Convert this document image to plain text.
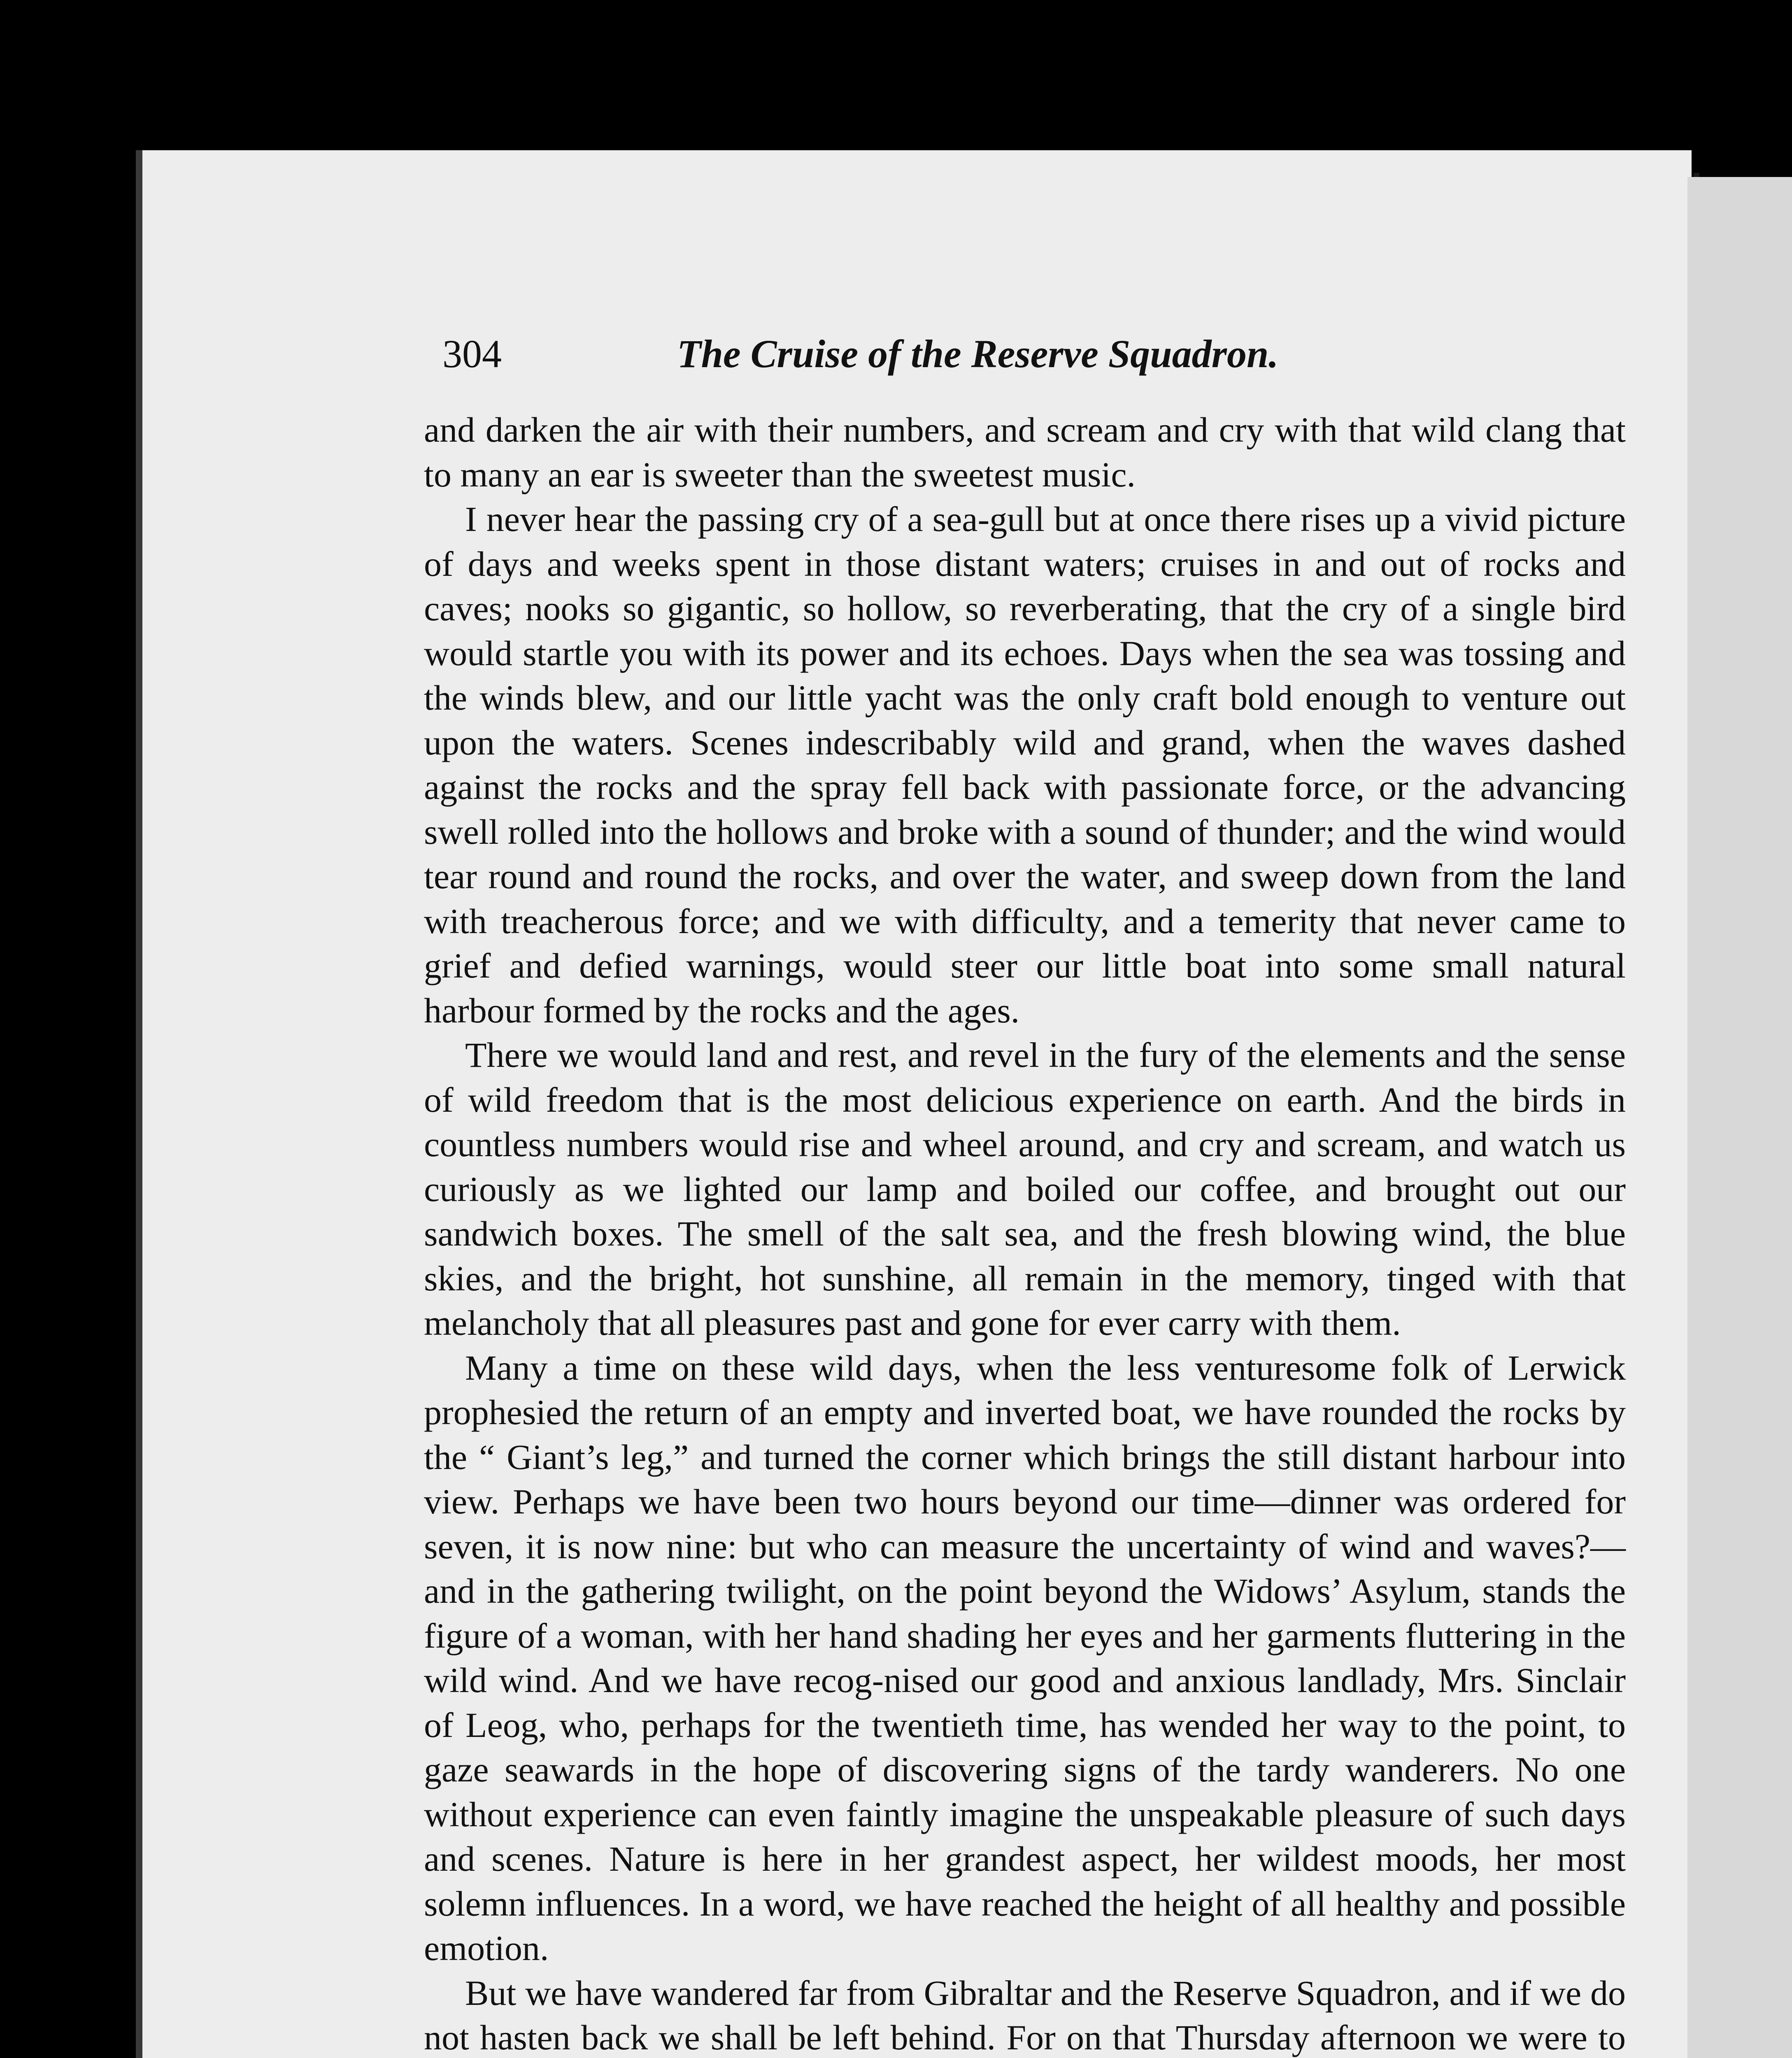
304	The Cruise of the Reserve Squadron.

and darken the air with their numbers, and scream and cry with that wild clang that to many an ear is sweeter than the sweetest music.

I never hear the passing cry of a sea-gull but at once there rises up a vivid picture of days and weeks spent in those distant waters; cruises in and out of rocks and caves; nooks so gigantic, so hollow, so reverberating, that the cry of a single bird would startle you with its power and its echoes. Days when the sea was tossing and the winds blew, and our little yacht was the only craft bold enough to venture out upon the waters. Scenes indescribably wild and grand, when the waves dashed against the rocks and the spray fell back with passionate force, or the advancing swell rolled into the hollows and broke with a sound of thunder; and the wind would tear round and round the rocks, and over the water, and sweep down from the land with treacherous force; and we with difficulty, and a temerity that never came to grief and defied warnings, would steer our little boat into some small natural harbour formed by the rocks and the ages.

There we would land and rest, and revel in the fury of the elements and the sense of wild freedom that is the most delicious experience on earth. And the birds in countless numbers would rise and wheel around, and cry and scream, and watch us curiously as we lighted our lamp and boiled our coffee, and brought out our sandwich boxes. The smell of the salt sea, and the fresh blowing wind, the blue skies, and the bright, hot sunshine, all remain in the memory, tinged with that melancholy that all pleasures past and gone for ever carry with them.

Many a time on these wild days, when the less venturesome folk of Lerwick prophesied the return of an empty and inverted boat, we have rounded the rocks by the “ Giant’s leg,” and turned the corner which brings the still distant harbour into view. Perhaps we have been two hours beyond our time—dinner was ordered for seven, it is now nine: but who can measure the uncertainty of wind and waves?— and in the gathering twilight, on the point beyond the Widows’ Asylum, stands the figure of a woman, with her hand shading her eyes and her garments fluttering in the wild wind. And we have recog-nised our good and anxious landlady, Mrs. Sinclair of Leog, who, perhaps for the twentieth time, has wended her way to the point, to gaze seawards in the hope of discovering signs of the tardy wanderers. No one without experience can even faintly imagine the unspeakable pleasure of such days and scenes. Nature is here in her grandest aspect, her wildest moods, her most solemn influences. In a word, we have reached the height of all healthy and possible emotion.

But we have wandered far from Gibraltar and the Reserve Squadron, and if we do not hasten back we shall be left behind. For on that Thursday afternoon we were to
